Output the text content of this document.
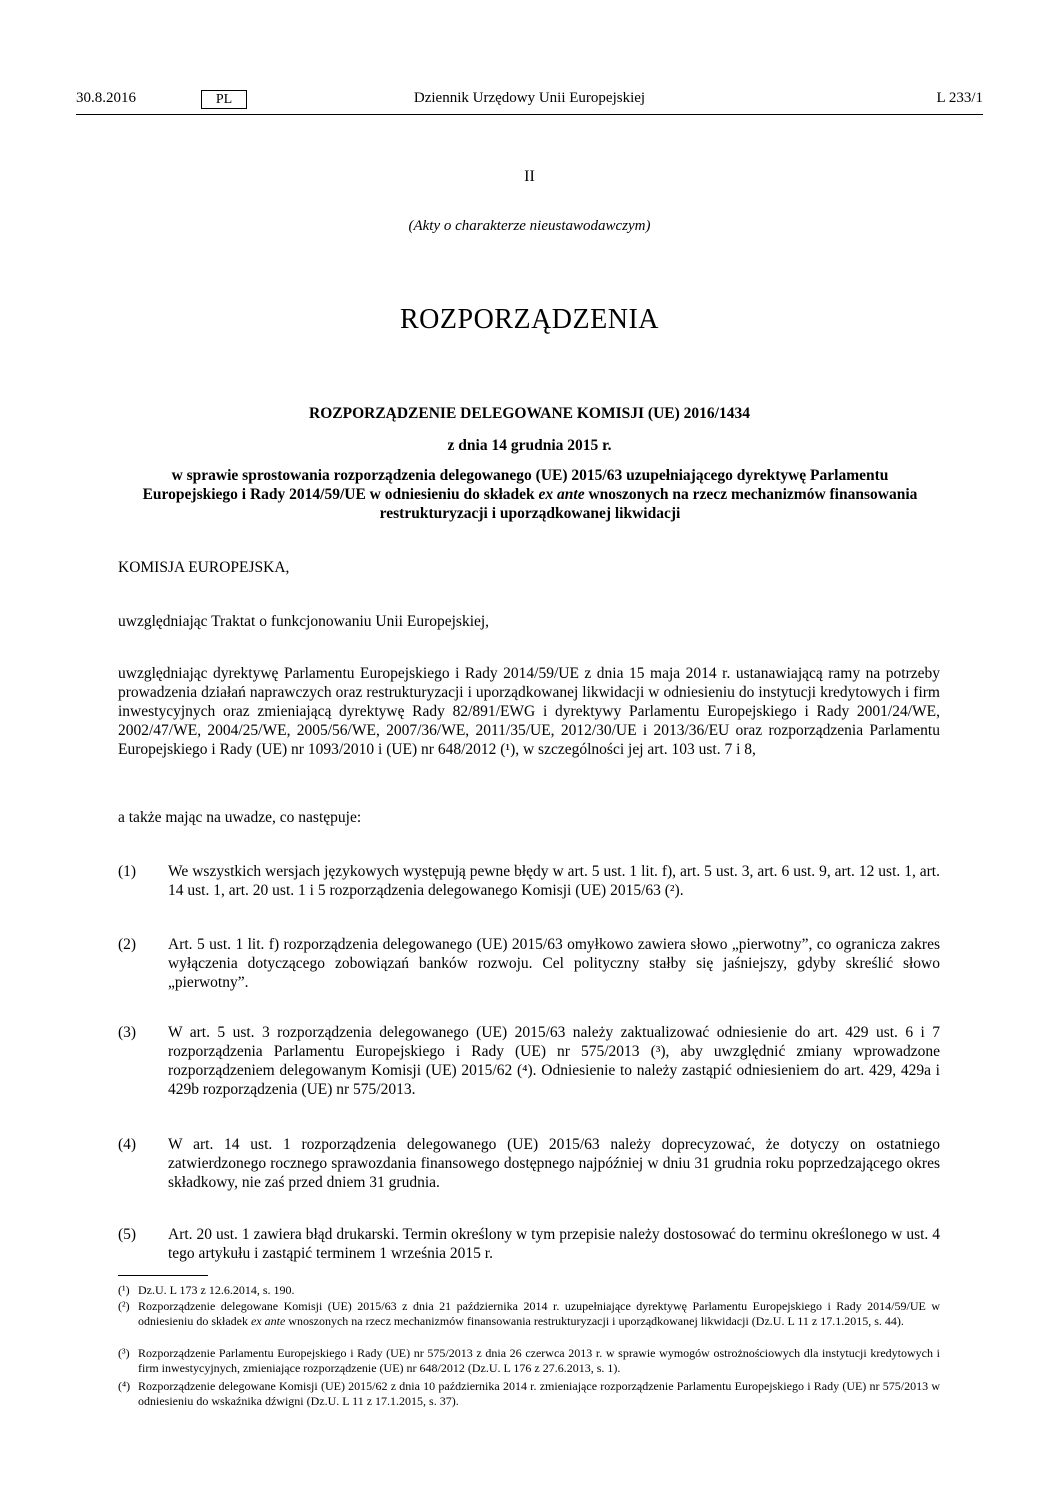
Dziennik Urzędowy Unii Europejskiej
30.8.2016	PL	L 233/1
II
(Akty o charakterze nieustawodawczym)
ROZPORZĄDZENIA
ROZPORZĄDZENIE DELEGOWANE KOMISJI (UE) 2016/1434
z dnia 14 grudnia 2015 r.
w sprawie sprostowania rozporządzenia delegowanego (UE) 2015/63 uzupełniającego dyrektywę Parlamentu Europejskiego i Rady 2014/59/UE w odniesieniu do składek ex ante wnoszonych na rzecz mechanizmów finansowania restrukturyzacji i uporządkowanej likwidacji
KOMISJA EUROPEJSKA,
uwzględniając Traktat o funkcjonowaniu Unii Europejskiej,
uwzględniając dyrektywę Parlamentu Europejskiego i Rady 2014/59/UE z dnia 15 maja 2014 r. ustanawiającą ramy na potrzeby prowadzenia działań naprawczych oraz restrukturyzacji i uporządkowanej likwidacji w odniesieniu do instytucji kredytowych i firm inwestycyjnych oraz zmieniającą dyrektywę Rady 82/891/EWG i dyrektywy Parlamentu Europejskiego i Rady 2001/24/WE, 2002/47/WE, 2004/25/WE, 2005/56/WE, 2007/36/WE, 2011/35/UE, 2012/30/UE i 2013/36/EU oraz rozporządzenia Parlamentu Europejskiego i Rady (UE) nr 1093/2010 i (UE) nr 648/2012 (¹), w szczególności jej art. 103 ust. 7 i 8,
a także mając na uwadze, co następuje:
(1) We wszystkich wersjach językowych występują pewne błędy w art. 5 ust. 1 lit. f), art. 5 ust. 3, art. 6 ust. 9, art. 12 ust. 1, art. 14 ust. 1, art. 20 ust. 1 i 5 rozporządzenia delegowanego Komisji (UE) 2015/63 (²).
(2) Art. 5 ust. 1 lit. f) rozporządzenia delegowanego (UE) 2015/63 omyłkowo zawiera słowo „pierwotny”, co ogranicza zakres wyłączenia dotyczącego zobowiązań banków rozwoju. Cel polityczny stałby się jaśniejszy, gdyby skreślić słowo „pierwotny”.
(3) W art. 5 ust. 3 rozporządzenia delegowanego (UE) 2015/63 należy zaktualizować odniesienie do art. 429 ust. 6 i 7 rozporządzenia Parlamentu Europejskiego i Rady (UE) nr 575/2013 (³), aby uwzględnić zmiany wprowadzone rozporządzeniem delegowanym Komisji (UE) 2015/62 (⁴). Odniesienie to należy zastąpić odniesieniem do art. 429, 429a i 429b rozporządzenia (UE) nr 575/2013.
(4) W art. 14 ust. 1 rozporządzenia delegowanego (UE) 2015/63 należy doprecyzować, że dotyczy on ostatniego zatwierdzonego rocznego sprawozdania finansowego dostępnego najpóźniej w dniu 31 grudnia roku poprzedzającego okres składkowy, nie zaś przed dniem 31 grudnia.
(5) Art. 20 ust. 1 zawiera błąd drukarski. Termin określony w tym przepisie należy dostosować do terminu określonego w ust. 4 tego artykułu i zastąpić terminem 1 września 2015 r.
(¹) Dz.U. L 173 z 12.6.2014, s. 190.
(²) Rozporządzenie delegowane Komisji (UE) 2015/63 z dnia 21 października 2014 r. uzupełniające dyrektywę Parlamentu Europejskiego i Rady 2014/59/UE w odniesieniu do składek ex ante wnoszonych na rzecz mechanizmów finansowania restrukturyzacji i uporządkowanej likwidacji (Dz.U. L 11 z 17.1.2015, s. 44).
(³) Rozporządzenie Parlamentu Europejskiego i Rady (UE) nr 575/2013 z dnia 26 czerwca 2013 r. w sprawie wymogów ostrożnościowych dla instytucji kredytowych i firm inwestycyjnych, zmieniające rozporządzenie (UE) nr 648/2012 (Dz.U. L 176 z 27.6.2013, s. 1).
(⁴) Rozporządzenie delegowane Komisji (UE) 2015/62 z dnia 10 października 2014 r. zmieniające rozporządzenie Parlamentu Europejskiego i Rady (UE) nr 575/2013 w odniesieniu do wskaźnika dźwigni (Dz.U. L 11 z 17.1.2015, s. 37).
